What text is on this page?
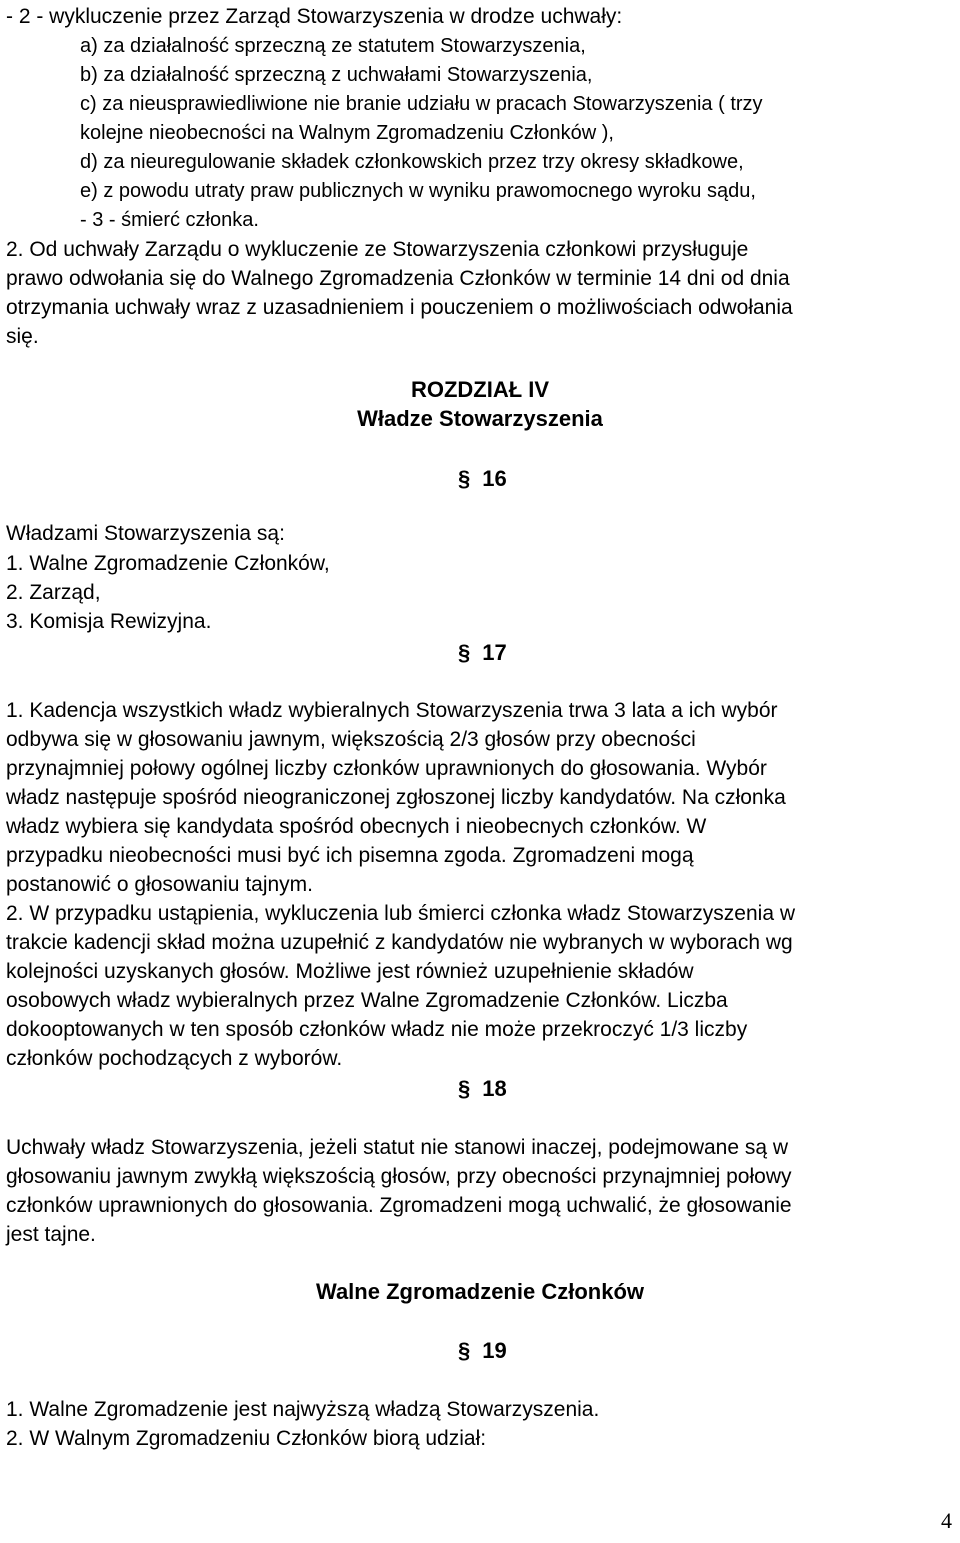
- 2 - wykluczenie przez Zarząd Stowarzyszenia w drodze uchwały:
a) za działalność sprzeczną ze statutem Stowarzyszenia,
b) za działalność sprzeczną z uchwałami Stowarzyszenia,
c) za nieusprawiedliwione nie branie udziału w pracach Stowarzyszenia ( trzy
kolejne nieobecności na Walnym Zgromadzeniu Członków ),
d) za nieuregulowanie składek członkowskich przez trzy okresy składkowe,
e) z powodu utraty praw publicznych w wyniku prawomocnego wyroku sądu,
- 3 - śmierć członka.
2. Od uchwały Zarządu o wykluczenie ze Stowarzyszenia członkowi przysługuje
prawo odwołania się do Walnego Zgromadzenia Członków w terminie 14 dni od dnia
otrzymania uchwały wraz z uzasadnieniem i pouczeniem o możliwościach odwołania
się.
ROZDZIAŁ IV
Władze Stowarzyszenia
§ 16
Władzami Stowarzyszenia są:
1. Walne Zgromadzenie Członków,
2. Zarząd,
3. Komisja Rewizyjna.
§ 17
1. Kadencja wszystkich władz wybieralnych Stowarzyszenia trwa 3 lata a ich wybór
odbywa się w głosowaniu jawnym, większością 2/3 głosów przy obecności
przynajmniej połowy ogólnej liczby członków uprawnionych do głosowania. Wybór
władz następuje spośród nieograniczonej zgłoszonej liczby kandydatów. Na członka
władz wybiera się kandydata spośród obecnych i nieobecnych członków. W
przypadku nieobecności musi być ich pisemna zgoda. Zgromadzeni mogą
postanowić o głosowaniu tajnym.
2. W przypadku ustąpienia, wykluczenia lub śmierci członka władz Stowarzyszenia w
trakcie kadencji skład można uzupełnić z kandydatów nie wybranych w wyborach wg
kolejności uzyskanych głosów. Możliwe jest również uzupełnienie składów
osobowych władz wybieralnych przez Walne Zgromadzenie Członków. Liczba
dokooptowanych w ten sposób członków władz nie może przekroczyć 1/3 liczby
członków pochodzących z wyborów.
§ 18
Uchwały władz Stowarzyszenia, jeżeli statut nie stanowi inaczej, podejmowane są w
głosowaniu jawnym zwykłą większością głosów, przy obecności przynajmniej połowy
członków uprawnionych do głosowania. Zgromadzeni mogą uchwalić, że głosowanie
jest tajne.
Walne Zgromadzenie Członków
§ 19
1. Walne Zgromadzenie jest najwyższą władzą Stowarzyszenia.
2. W Walnym Zgromadzeniu Członków biorą udział:
4
